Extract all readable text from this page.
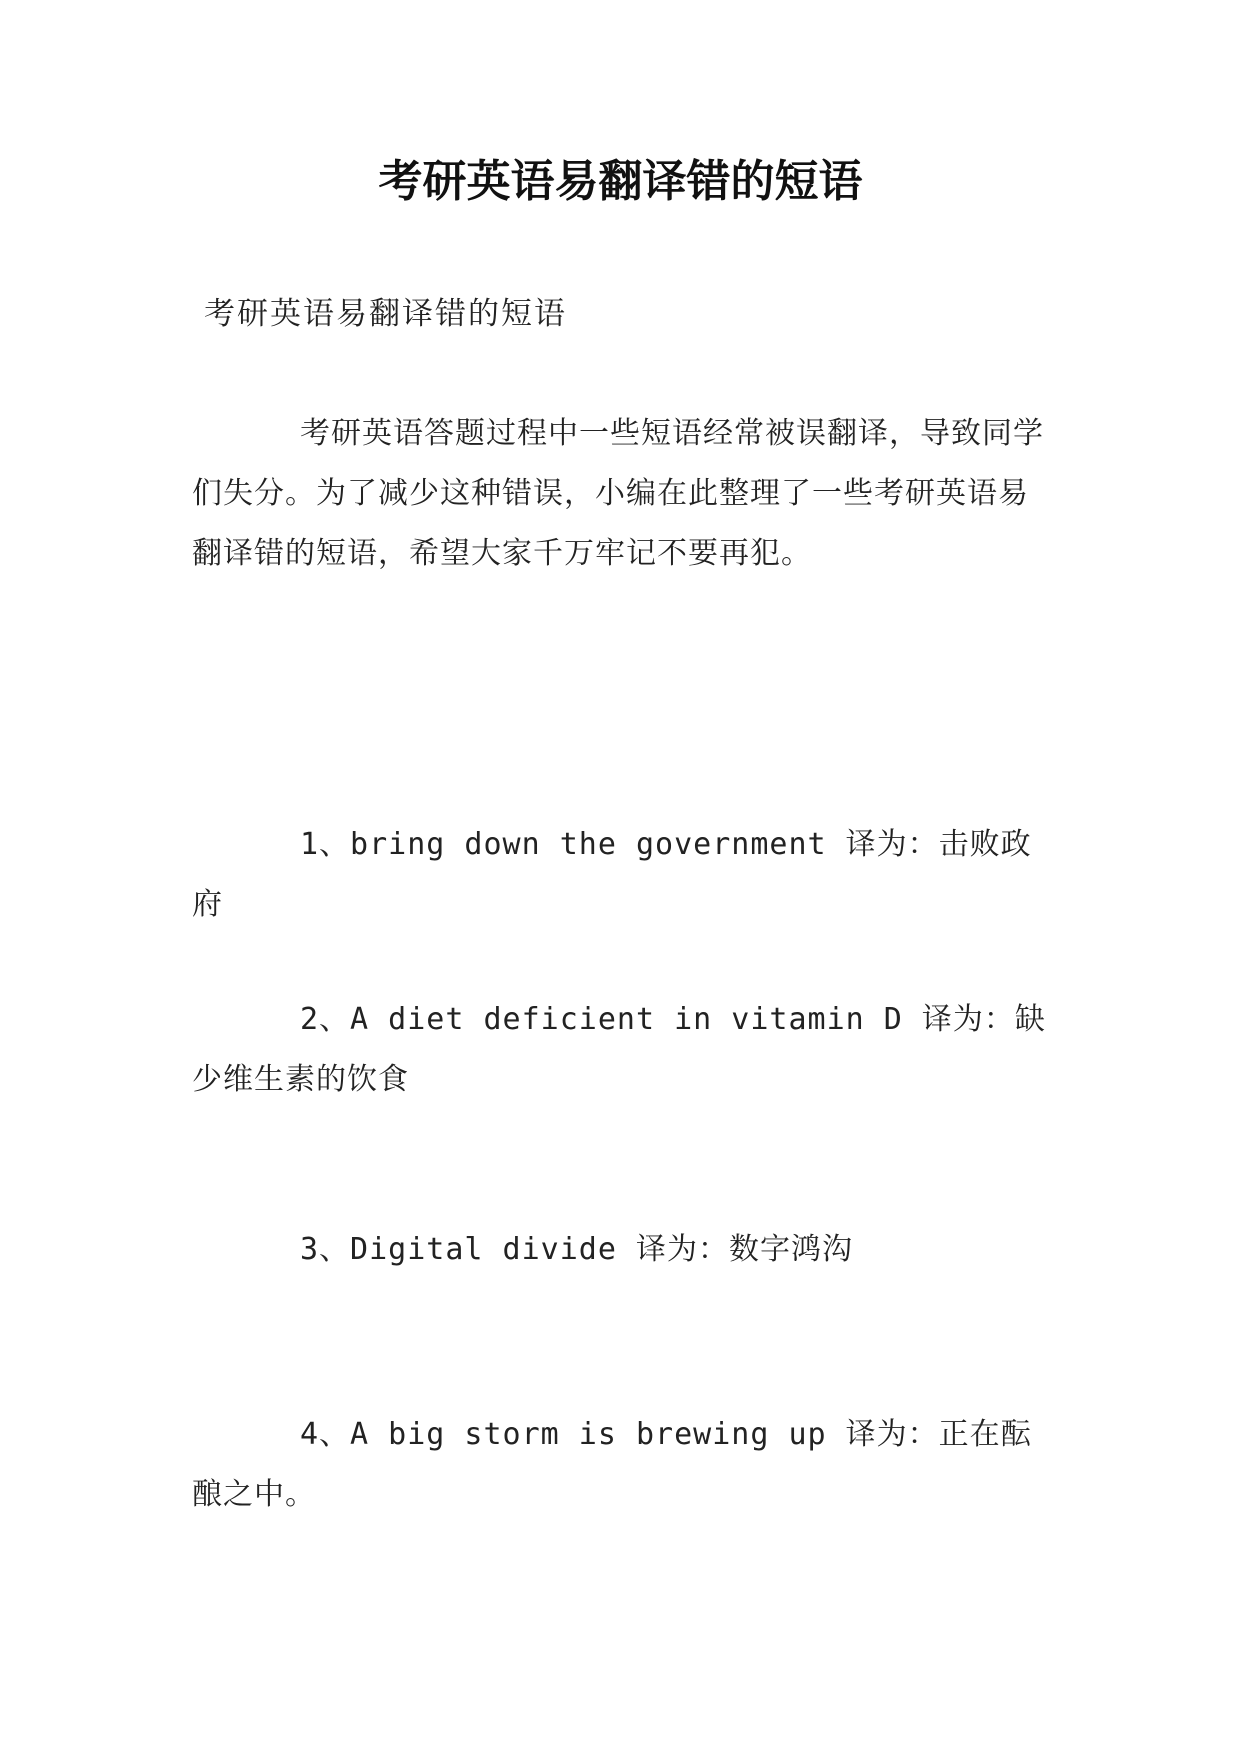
考研英语易翻译错的短语

考研英语易翻译错的短语

考研英语答题过程中一些短语经常被误翻译，导致同学们失分。为了减少这种错误，小编在此整理了一些考研英语易翻译错的短语，希望大家千万牢记不要再犯。

1、bring down the government 译为：击败政府

2、A diet deficient in vitamin D 译为：缺少维生素的饮食

3、Digital divide 译为：数字鸿沟

4、A big storm is brewing up 译为：正在酝酿之中。
